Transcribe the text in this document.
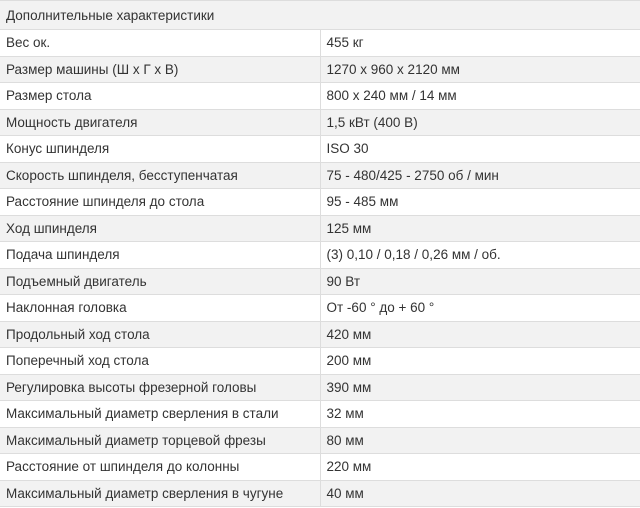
Дополнительные характеристики	
Вес ок.	455 кг
Размер машины (Ш х Г х В)	1270 х 960 х 2120 мм
Размер стола	800 х 240 мм / 14 мм
Мощность двигателя	1,5 кВт (400 В)
Конус шпинделя	ISO 30
Скорость шпинделя, бесступенчатая	75 - 480/425 - 2750 об / мин
Расстояние шпинделя до стола	95 - 485 мм
Ход шпинделя	125 мм
Подача шпинделя	(3) 0,10 / 0,18 / 0,26 мм / об.
Подъемный двигатель	90 Вт
Наклонная головка	От -60 ° до + 60 °
Продольный ход стола	420 мм
Поперечный ход стола	200 мм
Регулировка высоты фрезерной головы	390 мм
Максимальный диаметр сверления в стали	32 мм
Максимальный диаметр торцевой фрезы	80 мм
Расстояние от шпинделя до колонны	220 мм
Максимальный диаметр сверления в чугуне	40 мм
